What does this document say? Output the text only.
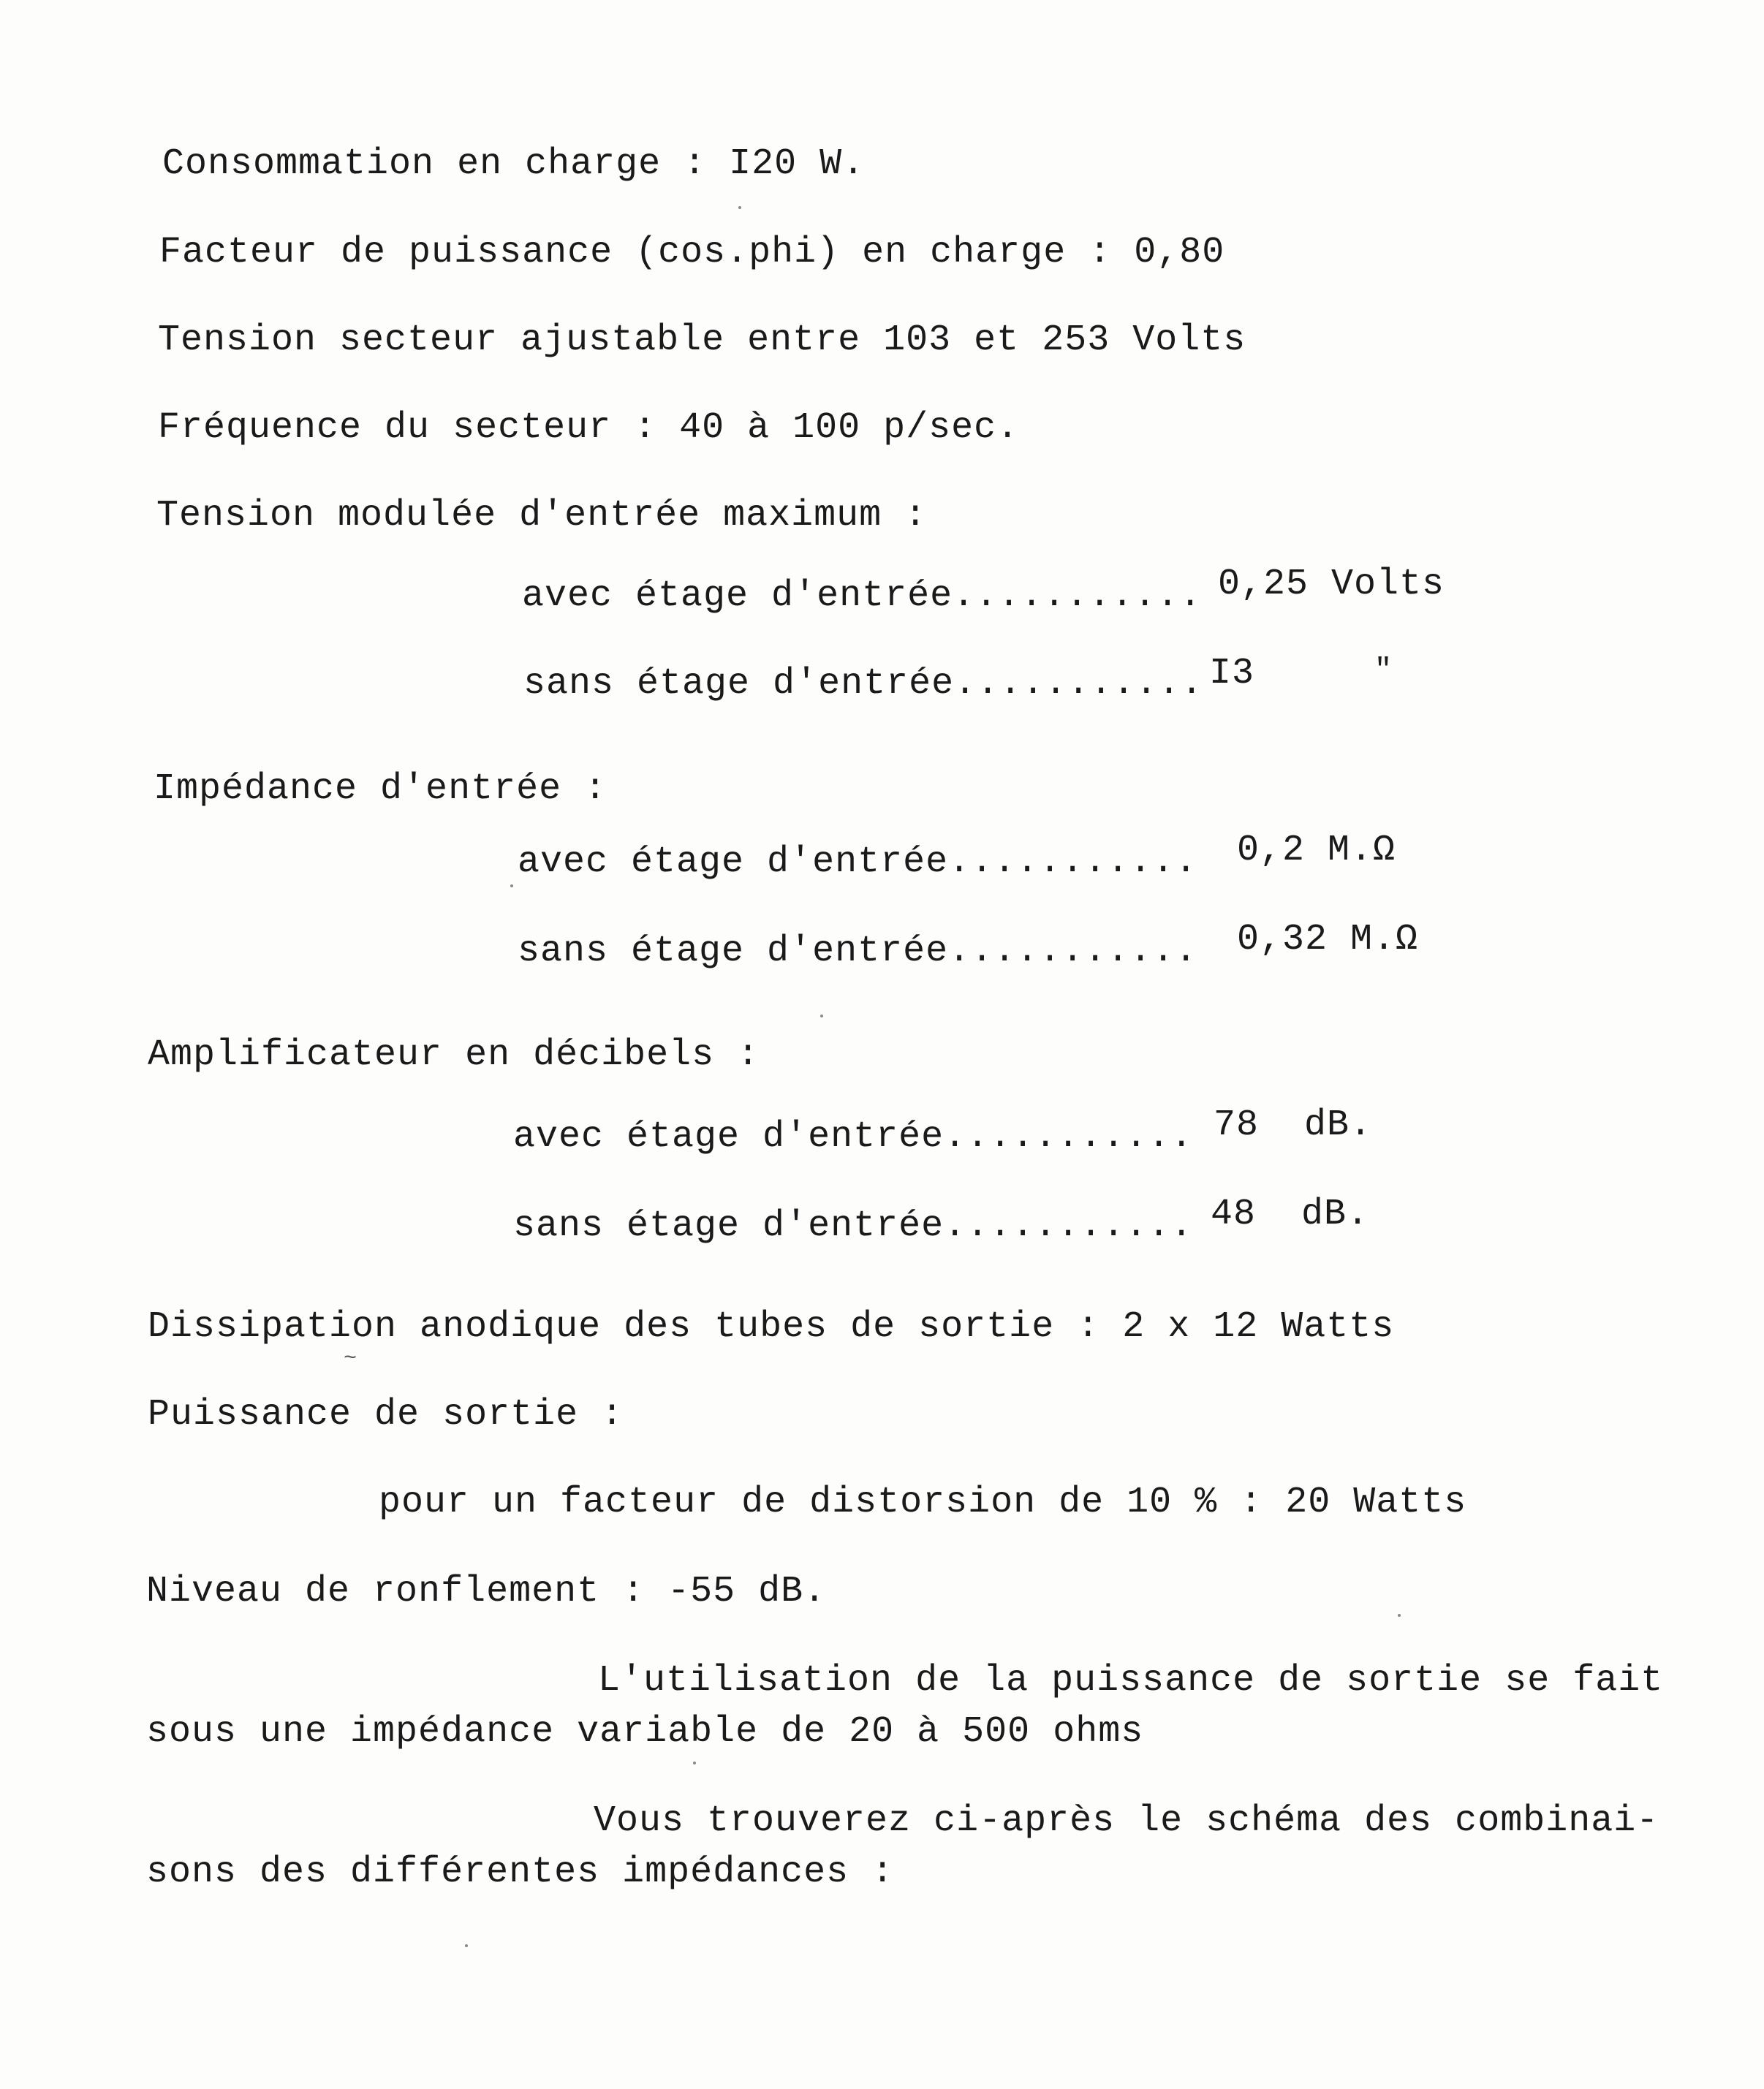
Consommation en charge : I20 W.
Facteur de puissance (cos.phi) en charge : 0,80
Tension secteur ajustable entre 103 et 253 Volts
Fréquence du secteur : 40 à 100 p/sec.
Tension modulée d'entrée maximum :
avec étage d'entrée........... 0,25 Volts
sans étage d'entrée........... I3	"
Impédance d'entrée :
avec étage d'entrée........... 0,2 M.Ω
sans étage d'entrée........... 0,32 M.Ω
Amplificateur en décibels :
avec étage d'entrée........... 78  dB.
sans étage d'entrée........... 48  dB.
Dissipation anodique des tubes de sortie : 2 x 12 Watts
~
Puissance de sortie :
pour un facteur de distorsion de 10 % : 20 Watts
Niveau de ronflement : -55 dB.
L'utilisation de la puissance de sortie se fait
sous une impédance variable de 20 à 500 ohms
Vous trouverez ci-après le schéma des combinai-
sons des différentes impédances :
